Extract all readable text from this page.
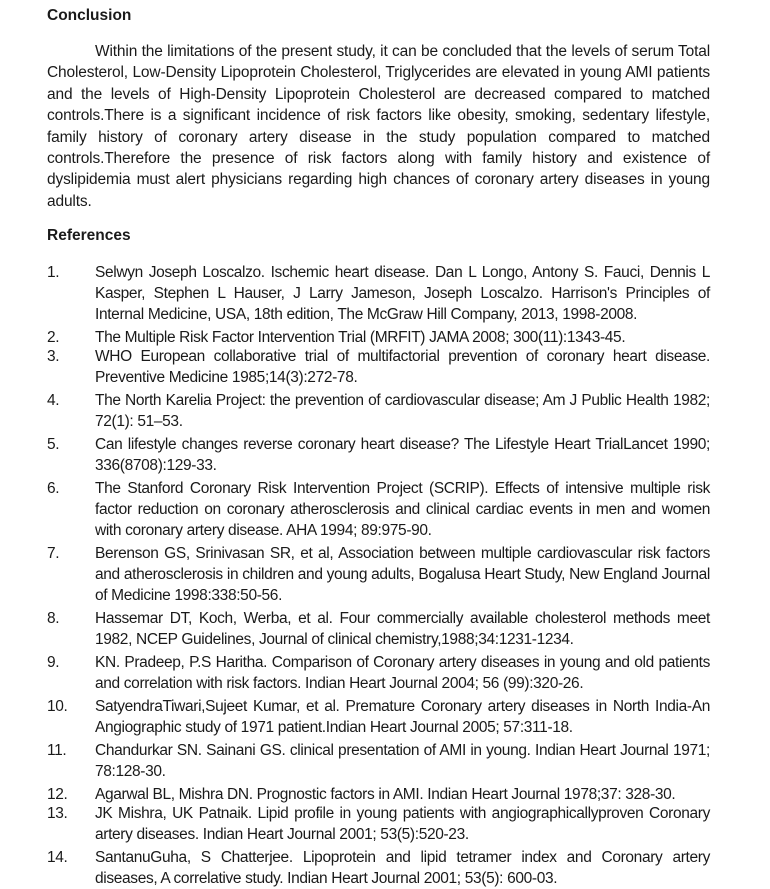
Conclusion

Within the limitations of the present study, it can be concluded that the levels of serum Total Cholesterol, Low-Density Lipoprotein Cholesterol, Triglycerides are elevated in young AMI patients and the levels of High-Density Lipoprotein Cholesterol are decreased compared to matched controls.There is a significant incidence of risk factors like obesity, smoking, sedentary lifestyle, family history of coronary artery disease in the study population compared to matched controls.Therefore the presence of risk factors along with family history and existence of dyslipidemia must alert physicians regarding high chances of coronary artery diseases in young adults.

References
1. Selwyn Joseph Loscalzo. Ischemic heart disease. Dan L Longo, Antony S. Fauci, Dennis L Kasper, Stephen L Hauser, J Larry Jameson, Joseph Loscalzo. Harrison's Principles of Internal Medicine, USA, 18th edition, The McGraw Hill Company, 2013, 1998-2008.
2. The Multiple Risk Factor Intervention Trial (MRFIT) JAMA 2008; 300(11):1343-45.
3. WHO European collaborative trial of multifactorial prevention of coronary heart disease. Preventive Medicine 1985;14(3):272-78.
4. The North Karelia Project: the prevention of cardiovascular disease; Am J Public Health 1982; 72(1): 51–53.
5. Can lifestyle changes reverse coronary heart disease? The Lifestyle Heart TrialLancet 1990; 336(8708):129-33.
6. The Stanford Coronary Risk Intervention Project (SCRIP). Effects of intensive multiple risk factor reduction on coronary atherosclerosis and clinical cardiac events in men and women with coronary artery disease. AHA 1994; 89:975-90.
7. Berenson GS, Srinivasan SR, et al, Association between multiple cardiovascular risk factors and atherosclerosis in children and young adults, Bogalusa Heart Study, New England Journal of Medicine 1998:338:50-56.
8. Hassemar DT, Koch, Werba, et al. Four commercially available cholesterol methods meet 1982, NCEP Guidelines, Journal of clinical chemistry,1988;34:1231-1234.
9. KN. Pradeep, P.S Haritha. Comparison of Coronary artery diseases in young and old patients and correlation with risk factors. Indian Heart Journal 2004; 56 (99):320-26.
10. SatyendraTiwari,Sujeet Kumar, et al. Premature Coronary artery diseases in North India-An Angiographic study of 1971 patient.Indian Heart Journal 2005; 57:311-18.
11. Chandurkar SN. Sainani GS. clinical presentation of AMI in young. Indian Heart Journal 1971; 78:128-30.
12. Agarwal BL, Mishra DN. Prognostic factors in AMI. Indian Heart Journal 1978;37: 328-30.
13. JK Mishra, UK Patnaik. Lipid profile in young patients with angiographicallyproven Coronary artery diseases. Indian Heart Journal 2001; 53(5):520-23.
14. SantanuGuha, S Chatterjee. Lipoprotein and lipid tetramer index and Coronary artery diseases, A correlative study. Indian Heart Journal 2001; 53(5): 600-03.
